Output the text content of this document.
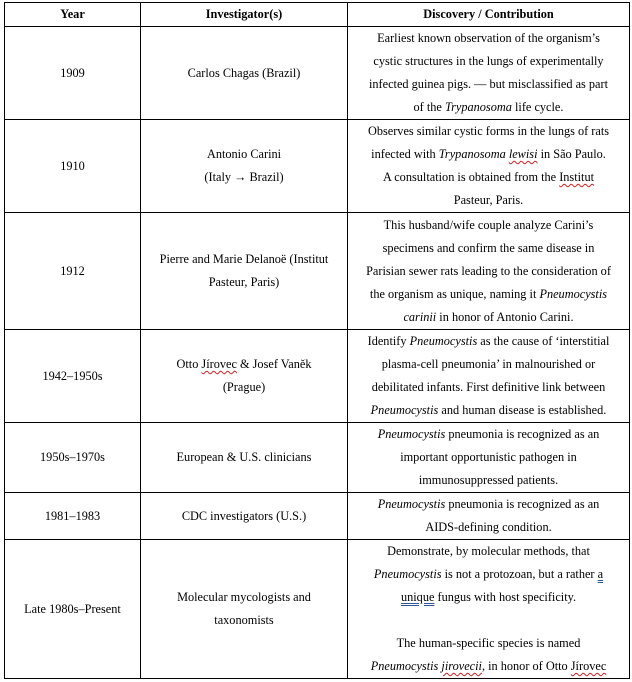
Year	Investigator(s)	Discovery / Contribution
1909	Carlos Chagas (Brazil)	Earliest known observation of the organism’s
cystic structures in the lungs of experimentally
infected guinea pigs. — but misclassified as part
of the Trypanosoma life cycle.

1910	Antonio Carini
(Italy → Brazil)	Observes similar cystic forms in the lungs of rats
infected with Trypanosoma lewisi in São Paulo.
A consultation is obtained from the Institut
Pasteur, Paris.

1912	Pierre and Marie Delanoë (Institut
Pasteur, Paris)	This husband/wife couple analyze Carini’s
specimens and confirm the same disease in
Parisian sewer rats leading to the consideration of
the organism as unique, naming it Pneumocystis
carinii in honor of Antonio Carini.

1942–1950s	Otto Jírovec & Josef Vaněk
(Prague)	Identify Pneumocystis as the cause of ‘interstitial
plasma-cell pneumonia’ in malnourished or
debilitated infants. First definitive link between
Pneumocystis and human disease is established.

1950s–1970s	European & U.S. clinicians	Pneumocystis pneumonia is recognized as an
important opportunistic pathogen in
immunosuppressed patients.

1981–1983	CDC investigators (U.S.)	Pneumocystis pneumonia is recognized as an
AIDS-defining condition.

Late 1980s–Present	Molecular mycologists and
taxonomists	Demonstrate, by molecular methods, that
Pneumocystis is not a protozoan, but a rather a
unique fungus with host specificity.
The human-specific species is named
Pneumocystis jirovecii, in honor of Otto Jírovec
